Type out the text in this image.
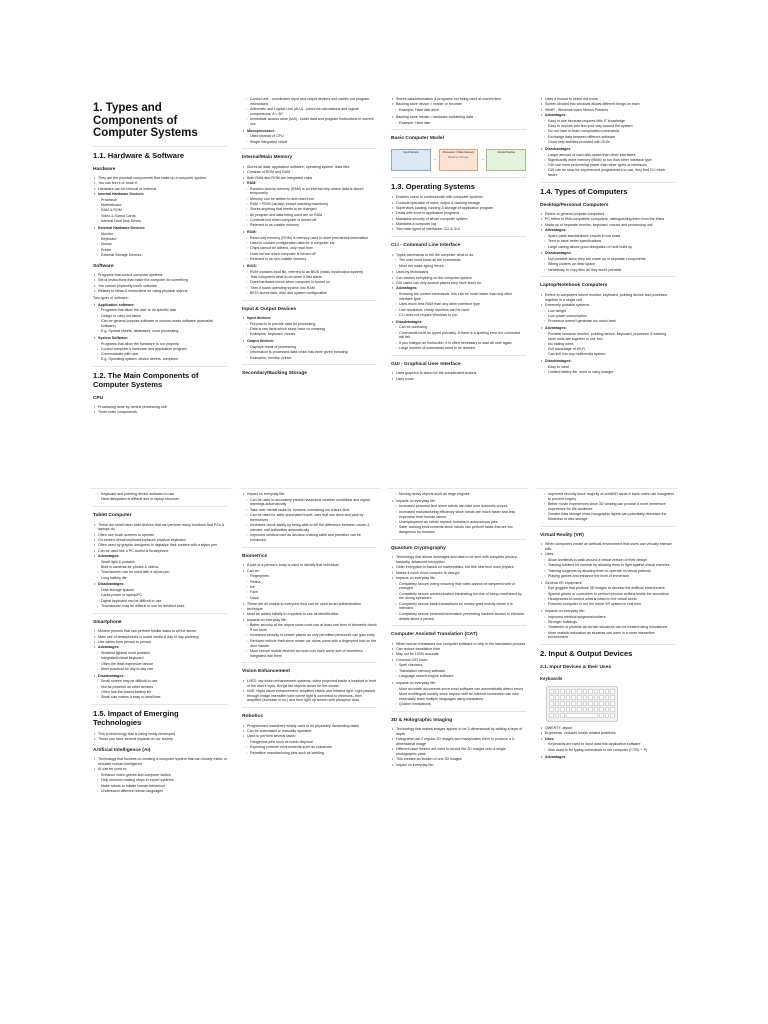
1. Types and Components of Computer Systems
1.1. Hardware & Software
Hardware
• They are the physical components that make up a computer system
• You can feel it or touch it
• Hardware can be internal or external
• Internal Hardware Devices:
◦ Processor
◦ Motherboard
◦ RAM & ROM
◦ Video & Sound Cards
◦ Internal Hard Disk Drives
• External Hardware Devices:
◦ Monitor
◦ Keyboard
◦ Mouse
◦ Printer
◦ External Storage Devices
Software
• Programs that control computer systems
• Set of instructions that make the computer do something
• You cannot physically touch software
• Relates to ideas & instructions for using physical objects

Two types of software:

• Application software:
◦ Programs that allow the user to do specific task
◦ Design to carry out tasks
◦ Can be general purpose software or custom-made software (specialist software)
◦ E.g. Spread sheets, databases, word processing
• System Software:
◦ Programs that allow the hardware to run properly
◦ Control computer's hardware and application program
◦ Communicate with user
◦ E.g. Operating system, device drivers, compilers
1.2. The Main Components of Computer Systems
CPU
• Processing done by central processing unit
• Three main components:
◦ Control unit - coordinates input and output devices and carries out program instructions
◦ Arithmetic and Logical Unit (ALU) - performs calculations and logical comparisons: A < B?
◦ Immediate access store (IAS) - holds data and program instructions in current use
• Microprocessor:
◦ Used instead of CPU
◦ Single integrated circuit
Internal/Main Memory
• Stores all data: application software, operating system, data files
• Consists of ROM and RAM
• Both RAM and ROM are integrated chips
• RAM:
◦ Random access memory (RAM) is an internal chip where data is stored temporarily
◦ Memory can be written to and read from
◦ RAM > ROM (usually; except washing machines)
◦ Stores anything that needs to be changed
◦ All program and data being used are on RAM
◦ Contents lost when computer is turned off
◦ Referred to as volatile memory
• ROM:
◦ Read only memory (ROM) is memory used to store permanent information
◦ Used to contain configuration data for a computer etc
◦ Chips cannot be altered, only read from
◦ Data not lost when computer is turned off
◦ Referred to as non-volatile memory
• BIOS:
◦ ROM contains boot file, referred to as BIOS (basic input/output system)
◦ Tells computers what to do when it first starts
◦ Does hardware check when computer is turned on
◦ Then it loads operating system into RAM
◦ BIOS stores date, time and system configuration
Input & Output Devices
• Input devices:
◦ Purpose is to provide data for processing
◦ Data is raw facts which alone have no meaning
◦ Examples: keyboard, mouse
• Output devices:
◦ Displays result of processing
◦ Information is processed data which has been given meaning
◦ Examples: monitor, printer
Secondary/Backing Storage
• Stores data/information & programs not being used at current time
• Backing store device = reader or recorder
◦ Example: Hard disk drive
• Backing store media = hardware containing data
◦ Example: Hard disk
Basic Computer Model
Input Device
→
Processor / Main Memory
Backing Storage	→
Output Device
1.3. Operating Systems
• Enables users to communicate with computer systems
• Controls operation of input, output & backing storage
• Supervises loading, running & storage of application program
• Deals with error in application programs
• Maintains security of whole computer system
• Maintains a computer log
• Two main types of interfaces: CLI & GUI
CLI - Command Line Interface
• Types commands to tell the computer what to do
◦ The user must know all the commands
◦ Must not make typing errors
• Used by technicians
• Can access everything on the computer system
• GUI users can only access places they have icons for
• Advantages:
◦ Knowing the correct commands, this can be much faster than any other interface type
◦ Uses much less RAM than any other interface type
◦ Low resolution, cheap monitors can be used
◦ CLI does not require Windows to run
• Disadvantages:
◦ Can be confusing
◦ Commands must be typed precisely. If there is a spelling error the command will fail
◦ If you mistype an instruction, it is often necessary to start all over again
◦ Large number of commands need to be learned
GUI - Graphical User Interface
• Uses graphics to stand for the complicated actions
• Uses icons
• Uses a mouse to select the icons
• Screen divided into windows allows different things on each
• WIMP - Windows Icons Menus Pointers
• Advantages
◦ Easy to use because requires little IT knowledge
◦ Easy to explore and find your way around the system
◦ Do not have to learn complicated commands
◦ Exchange data between different software
◦ Good help facilities provided with GUIs
• Disadvantages
◦ Larger amount of hard disk space than other interfaces
◦ Significantly more memory (RAM) to run than other interface type
◦ GUI use more processing power than other types of interfaces
◦ GUI can be slow for experienced programmers to use, they find CLI much faster
1.4. Types of Computers
Desktop/Personal Computers
• Refers to general purpose computers
• PC refers to IBM compatible computers, distinguishing them from the Macs
• Made up of separate monitor, keyboard, mouse and processing unit
• Advantages:
◦ Spare parts standardized: results in low costs
◦ Tend to have better specifications
◦ Large casing allows good dissipation of heat build up
• Disadvantages:
◦ Not portable since they are made up of separate components
◦ Wiring clutters up desk space
◦ Necessary to copy files as they aren't portable
Laptop/Notebook Computers
• Refers to computers where monitor, keyboard, pointing device and processor together in a single unit
• Extremely portable systems
◦ Low weight
◦ Low power consumption
◦ Processor doesn't generate too much heat
• Advantages:
◦ Portable because monitor, pointing device, keyboard, processor & backing store units are together in one box
◦ No trailing wires
◦ Full advantage of Wi-Fi
◦ Can link into any multimedia system
• Disadvantages:
◦ Easy to steal
◦ Limited battery life, need to carry charger
◦ Keyboard and pointing device awkward to use
◦ Heat dissipation is difficult due to laptop structure
Tablet Computer
• These are small hand-held devices that can perform many functions that PCs & laptops do
• Often use touch screens to operate
• On-screen virtual keyboard replaces physical keyboard
• Often used by graphic designers to digitalize their content with a stylus pen
• Can be used like a PC and/or a Smartphone
• Advantages:
◦ Small light & portable
◦ Built in cameras for photos & videos
◦ Touchscreen can be used with a stylus pen
◦ Long battery life
• Disadvantages:
◦ Less storage spaces
◦ Lacks power of laptop/PC
◦ Digital keyboard can be difficult to use
◦ Touchscreen may be difficult to use for detailed work
Smartphone
• Modern phones that can perform similar tasks to all the above
• Main use of smartphones is social media & day to day planning
• Use varies from person to person
• Advantages:
◦ Smallest lightest most portable
◦ Integrated/virtual keyboard
◦ Often the least expensive device
◦ More practical for day to day use
• Disadvantages:
◦ Small screen may be difficult to use
◦ Not as powerful as other devices
◦ Often has the lowest battery life
◦ Small size makes it easy to steal/lose
1.5. Impact of Emerging Technologies
• This is technology that is being newly developed
• These can have several impacts on our society
Artificial Intelligence (AI)
• Technology that focuses on creating a computer system that can closely mimic or simulate human intelligence
• AI can be used to:
◦ Enhance video games and computer tactics
◦ Help decision making steps in expert systems
◦ Make robots to imitate human behaviour
◦ Understand different human languages
• Impact on everyday life:
◦ Can be used to accurately predict hazardous weather conditions and signal warnings automatically
◦ Take over menial tasks for humans; increasing our leisure time
◦ Can be used for safer automated travel; cars that can drive and park by themselves
◦ Increases home safety by being able to tell the difference between owner & intruder; call authorities automatically
◦ Improved medical care as decision making skills and precision can be enhanced
Biometrics
• A part of a person's body is used to identify that individual
• Can be:
◦ Fingerprints
◦ Retina
◦ Iris
◦ Face
◦ Voice
• These are all unique to everyone thus can be used as an authentication technique
• Must be added initially to a system to use as identification
• Impacts on everyday life:
◦ Better security at the airport since most use at least one form of biometric check if not more
◦ Increased security in certain places as only permitted personnel can gain entry
◦ Reduced vehicle theft since newer car doors come with a fingerprint lock on the door handle
◦ More secure mobile devices as most now have some sort of biometrics integrated into them
Vision Enhancement
• LVES: low vision enhancement systems: video projected inside a headset in front of the user's eyes. Brings the objects closer for the viewer.
• NVE: Night vision enhancement: amplifies visible and infrared light. Light passed through image intensifier tube where light is converted to electrons, then amplified (increase in no.) and then light up screen with phosphor dust.
Robotics
• Programmed machinery widely used to do physically demanding tasks
• Can be automated or manually operated
• Used to perform several tasks:
◦ Dangerous jobs such as bomb disposal
◦ Exploring extreme environments such as volcanoes
◦ Repetitive manufacturing jobs such as welding
◦ Moving heavy objects such as large engines
• Impacts on everyday life:
◦ Increased personal time since robots can take over domestic chores
◦ Increased manufacturing efficiency since robots are much faster and less expensive than human labour
◦ Unemployment as robots replace humans in autonomous jobs
◦ Safer working environments since robots can perform tasks that are too dangerous for humans
Quantum Cryptography
• Technology that allows messages and data to be sent with complete privacy; basically, advanced encryption
• Older encryption is based on mathematics, but this new tech uses physics
• Makes it much more complex to decrypt
• Impacts on everyday life:
◦ Completely secure voting ensuring that votes cannot be tampered with or changed
◦ Completely secure communication eliminating the risk of being read/heard by the wrong eyes/ears
◦ Completely secure bank transactions so money goes exactly where it is intended
◦ Completely secure personal information preventing hackers access to intrusive details about a person
Computer Assisted Translation (CAT)
• When human translators use computer software to help in the translation process
• Can reduce translation time
• May not be 100% accurate
• Common CAT tools:
◦ Spell checkers
◦ Translation memory software
◦ Language search-engine software
• Impacts on everyday life:
◦ More accurate documents since most software can automatically detect errors
◦ More multilingual society since anyone with an Internet connection can now essentially learn multiple languages using translators
◦ Quicker translations
3D & Holographic Imaging
• Technology that makes images appear to be 3-dimensional by adding a layer of depth
• Holograms use 2 regular 2D images and manipulates them to produce a 3-dimensional image
• Different laser beams are used to record the 2D images onto a single photographic plate
• This creates an illusion of one 3D images
• Impact on everyday life:
◦ Improved security since majority of credit/ID cards & bank notes use holograms to prevent forgery
◦ Better movie experiences since 3D viewing can provide a more immersive experience for the audience
◦ Greater data storage since holographic layers can potentially decrease the thickness of disc storage
Virtual Reality (VR)
• When computers create an artificial environment that users can virtually interact with
• Uses:
◦ Allow architects to walk around a virtual version of their design
◦ Training soldiers for combat by allowing them to fight against virtual enemies
◦ Training surgeons by allowing them to operate on virtual patients
◦ Playing games and enhance the level of immersion
• General VR equipment:
◦ Eye goggles that produce 3D images to develop the artificial environment
◦ Special gloves or controllers to perform precise actions inside the simulation
◦ Headphones to control what is heard in the virtual world
◦ Powerful computer to run the entire VR system in real time
• Impacts on everyday life:
◦ Improved medical surgeons/soldiers
◦ Stronger buildings
◦ Treatment of phobias as certain situations can be treated using simulations
◦ More realistic education as students can learn in a more interactive environment
2. Input & Output Devices
2.1. Input Devices & their Uses
Keyboards
• QWERTY- layout
• Ergonomic- reduces health related problems
• Uses
◦ Keyboards are used to input data into application software
◦ Also used to for typing commands to the computer (CTRL + P)
• Advantages
